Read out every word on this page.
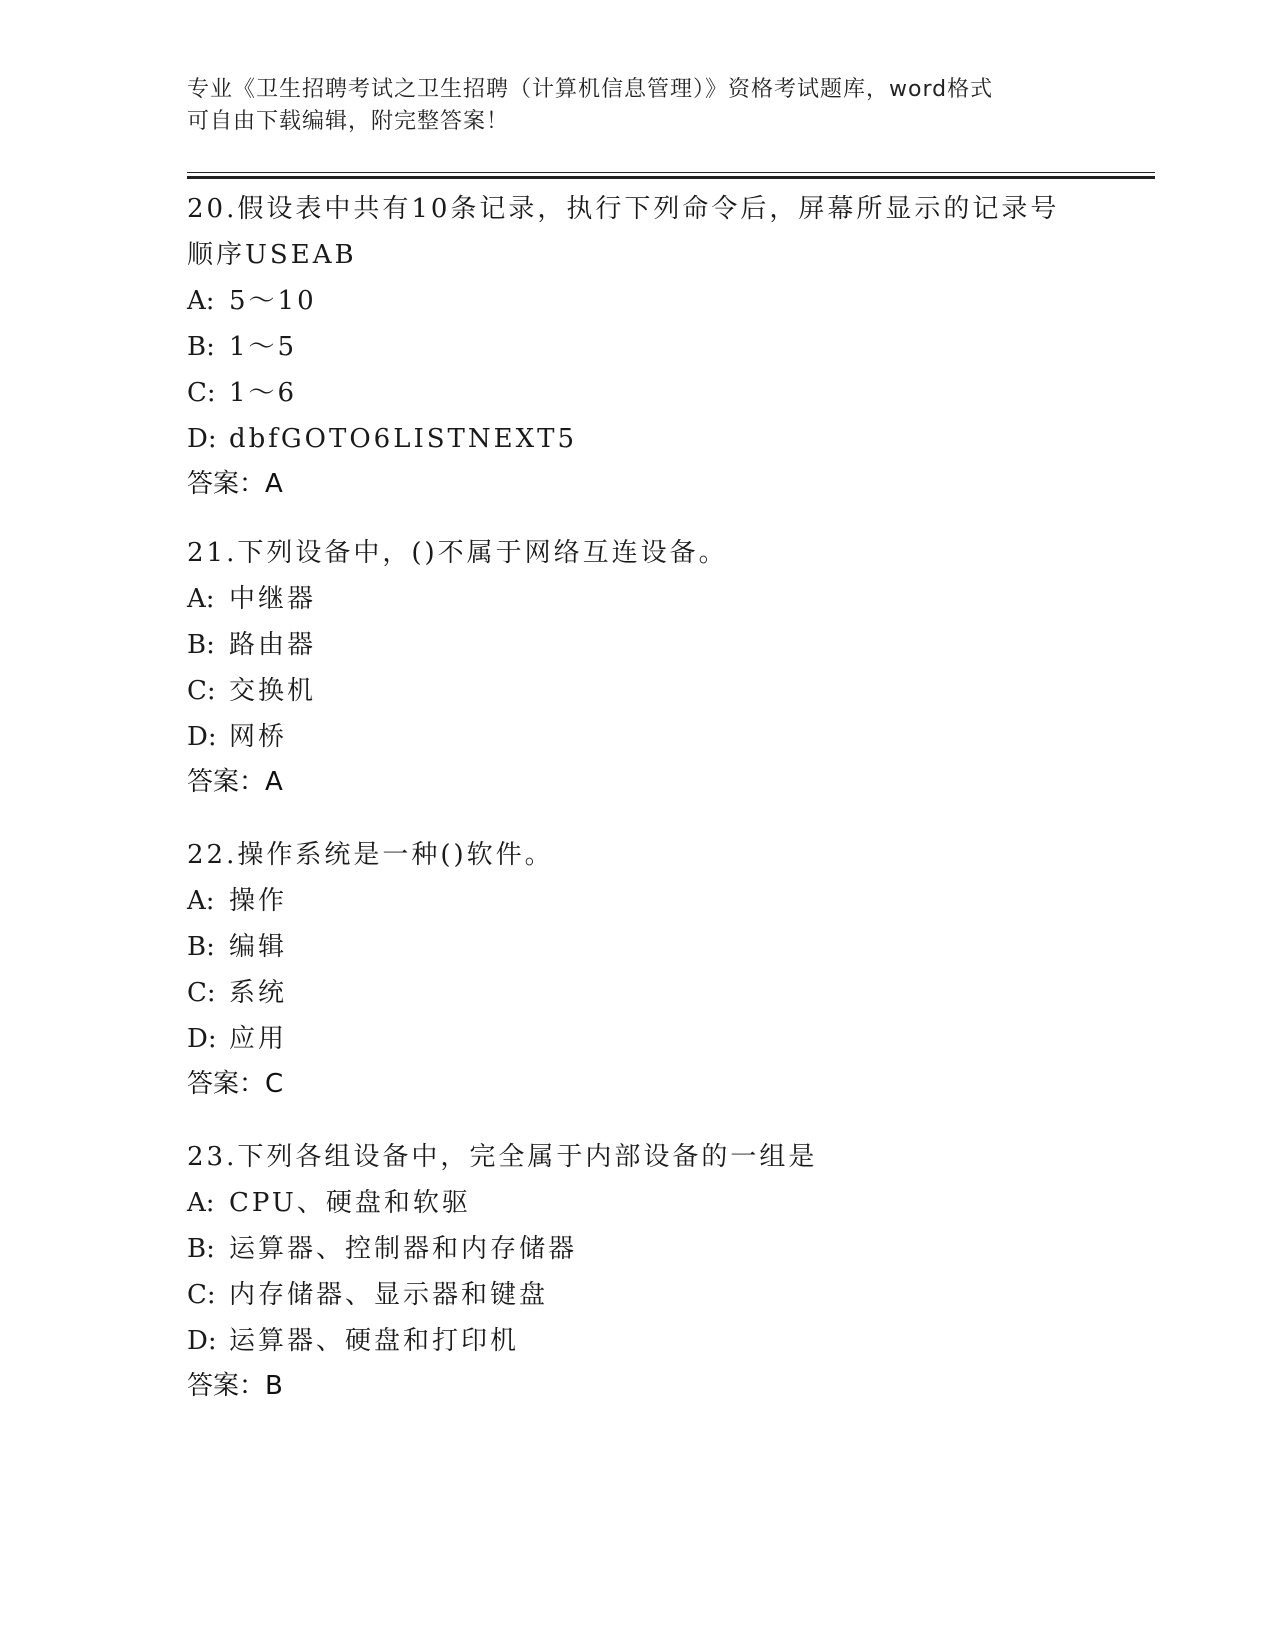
专业《卫生招聘考试之卫生招聘（计算机信息管理）》资格考试题库，word格式
可自由下载编辑，附完整答案！
20.假设表中共有10条记录，执行下列命令后，屏幕所显示的记录号
顺序USEAB
A: 5～10
B: 1～5
C: 1～6
D: dbfGOTO6LISTNEXT5
答案：A
21.下列设备中，()不属于网络互连设备。
A: 中继器
B: 路由器
C: 交换机
D: 网桥
答案：A
22.操作系统是一种()软件。
A: 操作
B: 编辑
C: 系统
D: 应用
答案：C
23.下列各组设备中，完全属于内部设备的一组是
A: CPU、硬盘和软驱
B: 运算器、控制器和内存储器
C: 内存储器、显示器和键盘
D: 运算器、硬盘和打印机
答案：B
